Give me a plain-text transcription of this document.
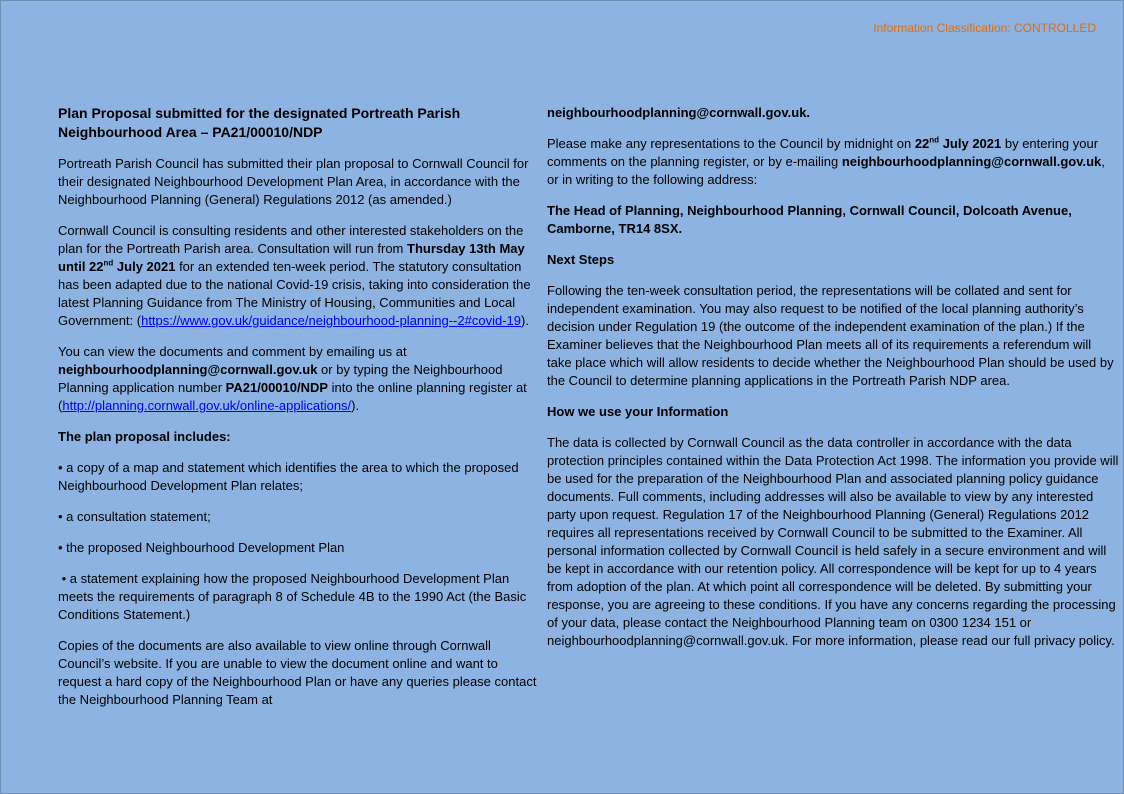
Information Classification: CONTROLLED
Plan Proposal submitted for the designated Portreath Parish Neighbourhood Area – PA21/00010/NDP

Portreath Parish Council has submitted their plan proposal to Cornwall Council for their designated Neighbourhood Development Plan Area, in accordance with the Neighbourhood Planning (General) Regulations 2012 (as amended.)

Cornwall Council is consulting residents and other interested stakeholders on the plan for the Portreath Parish area. Consultation will run from Thursday 13th May until 22nd July 2021 for an extended ten-week period. The statutory consultation has been adapted due to the national Covid-19 crisis, taking into consideration the latest Planning Guidance from The Ministry of Housing, Communities and Local Government: (https://www.gov.uk/guidance/neighbourhood-planning--2#covid-19).

You can view the documents and comment by emailing us at neighbourhoodplanning@cornwall.gov.uk or by typing the Neighbourhood Planning application number PA21/00010/NDP into the online planning register at (http://planning.cornwall.gov.uk/online-applications/).

The plan proposal includes:

• a copy of a map and statement which identifies the area to which the proposed Neighbourhood Development Plan relates;

• a consultation statement;

• the proposed Neighbourhood Development Plan

• a statement explaining how the proposed Neighbourhood Development Plan meets the requirements of paragraph 8 of Schedule 4B to the 1990 Act (the Basic Conditions Statement.)

Copies of the documents are also available to view online through Cornwall Council’s website. If you are unable to view the document online and want to request a hard copy of the Neighbourhood Plan or have any queries please contact the Neighbourhood Planning Team at

neighbourhoodplanning@cornwall.gov.uk.

Please make any representations to the Council by midnight on 22nd July 2021 by entering your comments on the planning register, or by e-mailing neighbourhoodplanning@cornwall.gov.uk, or in writing to the following address:

The Head of Planning, Neighbourhood Planning, Cornwall Council, Dolcoath Avenue, Camborne, TR14 8SX.

Next Steps

Following the ten-week consultation period, the representations will be collated and sent for independent examination. You may also request to be notified of the local planning authority’s decision under Regulation 19 (the outcome of the independent examination of the plan.) If the Examiner believes that the Neighbourhood Plan meets all of its requirements a referendum will take place which will allow residents to decide whether the Neighbourhood Plan should be used by the Council to determine planning applications in the Portreath Parish NDP area.

How we use your Information

The data is collected by Cornwall Council as the data controller in accordance with the data protection principles contained within the Data Protection Act 1998. The information you provide will be used for the preparation of the Neighbourhood Plan and associated planning policy guidance documents. Full comments, including addresses will also be available to view by any interested party upon request. Regulation 17 of the Neighbourhood Planning (General) Regulations 2012 requires all representations received by Cornwall Council to be submitted to the Examiner. All personal information collected by Cornwall Council is held safely in a secure environment and will be kept in accordance with our retention policy. All correspondence will be kept for up to 4 years from adoption of the plan. At which point all correspondence will be deleted. By submitting your response, you are agreeing to these conditions. If you have any concerns regarding the processing of your data, please contact the Neighbourhood Planning team on 0300 1234 151 or neighbourhoodplanning@cornwall.gov.uk. For more information, please read our full privacy policy.
